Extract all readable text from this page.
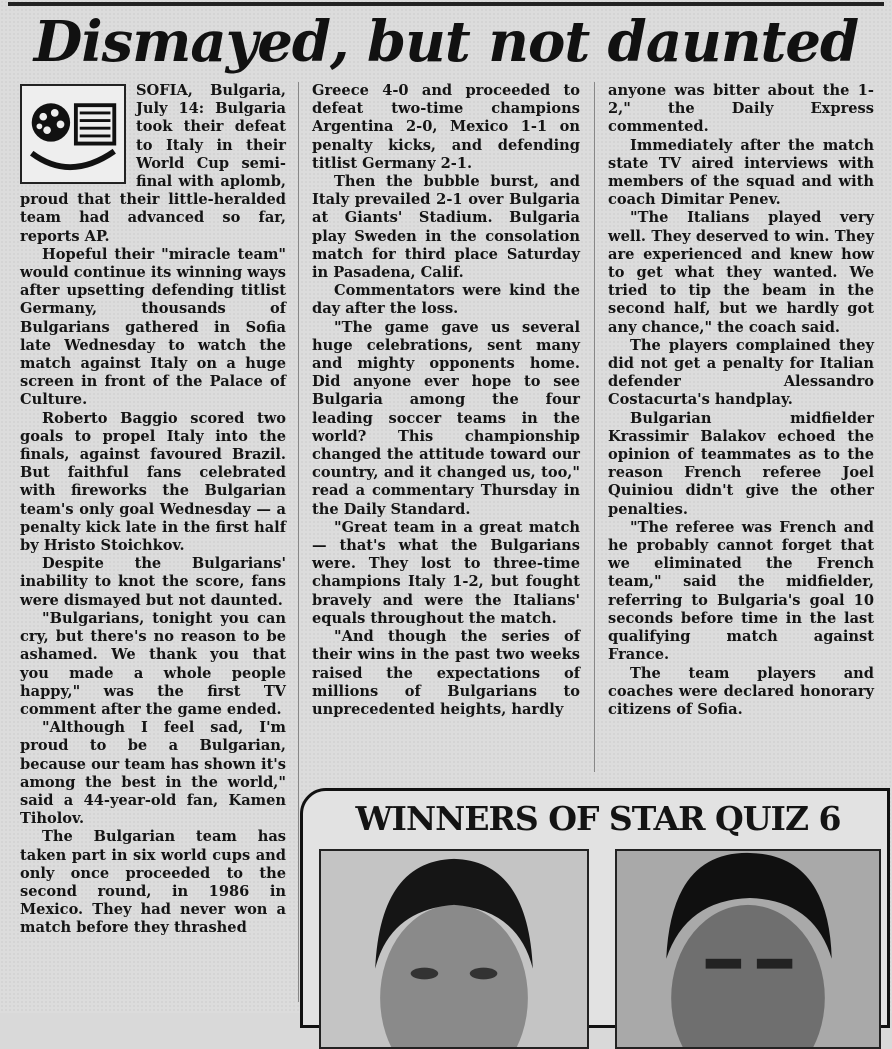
Dismayed, but not daunted

SOFIA, Bulgaria, July 14: Bulgaria took their defeat to Italy in their World Cup semi-final with aplomb, proud that their little-heralded team had advanced so far, reports AP.

Hopeful their "miracle team" would continue its winning ways after upsetting defending titlist Germany, thousands of Bulgarians gathered in Sofia late Wednesday to watch the match against Italy on a huge screen in front of the Palace of Culture.

Roberto Baggio scored two goals to propel Italy into the finals, against favoured Brazil. But faithful fans celebrated with fireworks the Bulgarian team's only goal Wednesday — a penalty kick late in the first half by Hristo Stoichkov.

Despite the Bulgarians' inability to knot the score, fans were dismayed but not daunted.

"Bulgarians, tonight you can cry, but there's no reason to be ashamed. We thank you that you made a whole people happy," was the first TV comment after the game ended.

"Although I feel sad, I'm proud to be a Bulgarian, because our team has shown it's among the best in the world," said a 44-year-old fan, Kamen Tiholov.

The Bulgarian team has taken part in six world cups and only once proceeded to the second round, in 1986 in Mexico. They had never won a match before they thrashed

Greece 4-0 and proceeded to defeat two-time champions Argentina 2-0, Mexico 1-1 on penalty kicks, and defending titlist Germany 2-1.

Then the bubble burst, and Italy prevailed 2-1 over Bulgaria at Giants' Stadium. Bulgaria play Sweden in the consolation match for third place Saturday in Pasadena, Calif.

Commentators were kind the day after the loss.

"The game gave us several huge celebrations, sent many and mighty opponents home. Did anyone ever hope to see Bulgaria among the four leading soccer teams in the world? This championship changed the attitude toward our country, and it changed us, too," read a commentary Thursday in the Daily Standard.

"Great team in a great match — that's what the Bulgarians were. They lost to three-time champions Italy 1-2, but fought bravely and were the Italians' equals throughout the match.

"And though the series of their wins in the past two weeks raised the expectations of millions of Bulgarians to unprecedented heights, hardly

anyone was bitter about the 1-2," the Daily Express commented.

Immediately after the match state TV aired interviews with members of the squad and with coach Dimitar Penev.

"The Italians played very well. They deserved to win. They are experienced and knew how to get what they wanted. We tried to tip the beam in the second half, but we hardly got any chance," the coach said.

The players complained they did not get a penalty for Italian defender Alessandro Costacurta's handplay.

Bulgarian midfielder Krassimir Balakov echoed the opinion of teammates as to the reason French referee Joel Quiniou didn't give the other penalties.

"The referee was French and he probably cannot forget that we eliminated the French team," said the midfielder, referring to Bulgaria's goal 10 seconds before time in the last qualifying match against France.

The team players and coaches were declared honorary citizens of Sofia.

WINNERS OF STAR QUIZ 6
